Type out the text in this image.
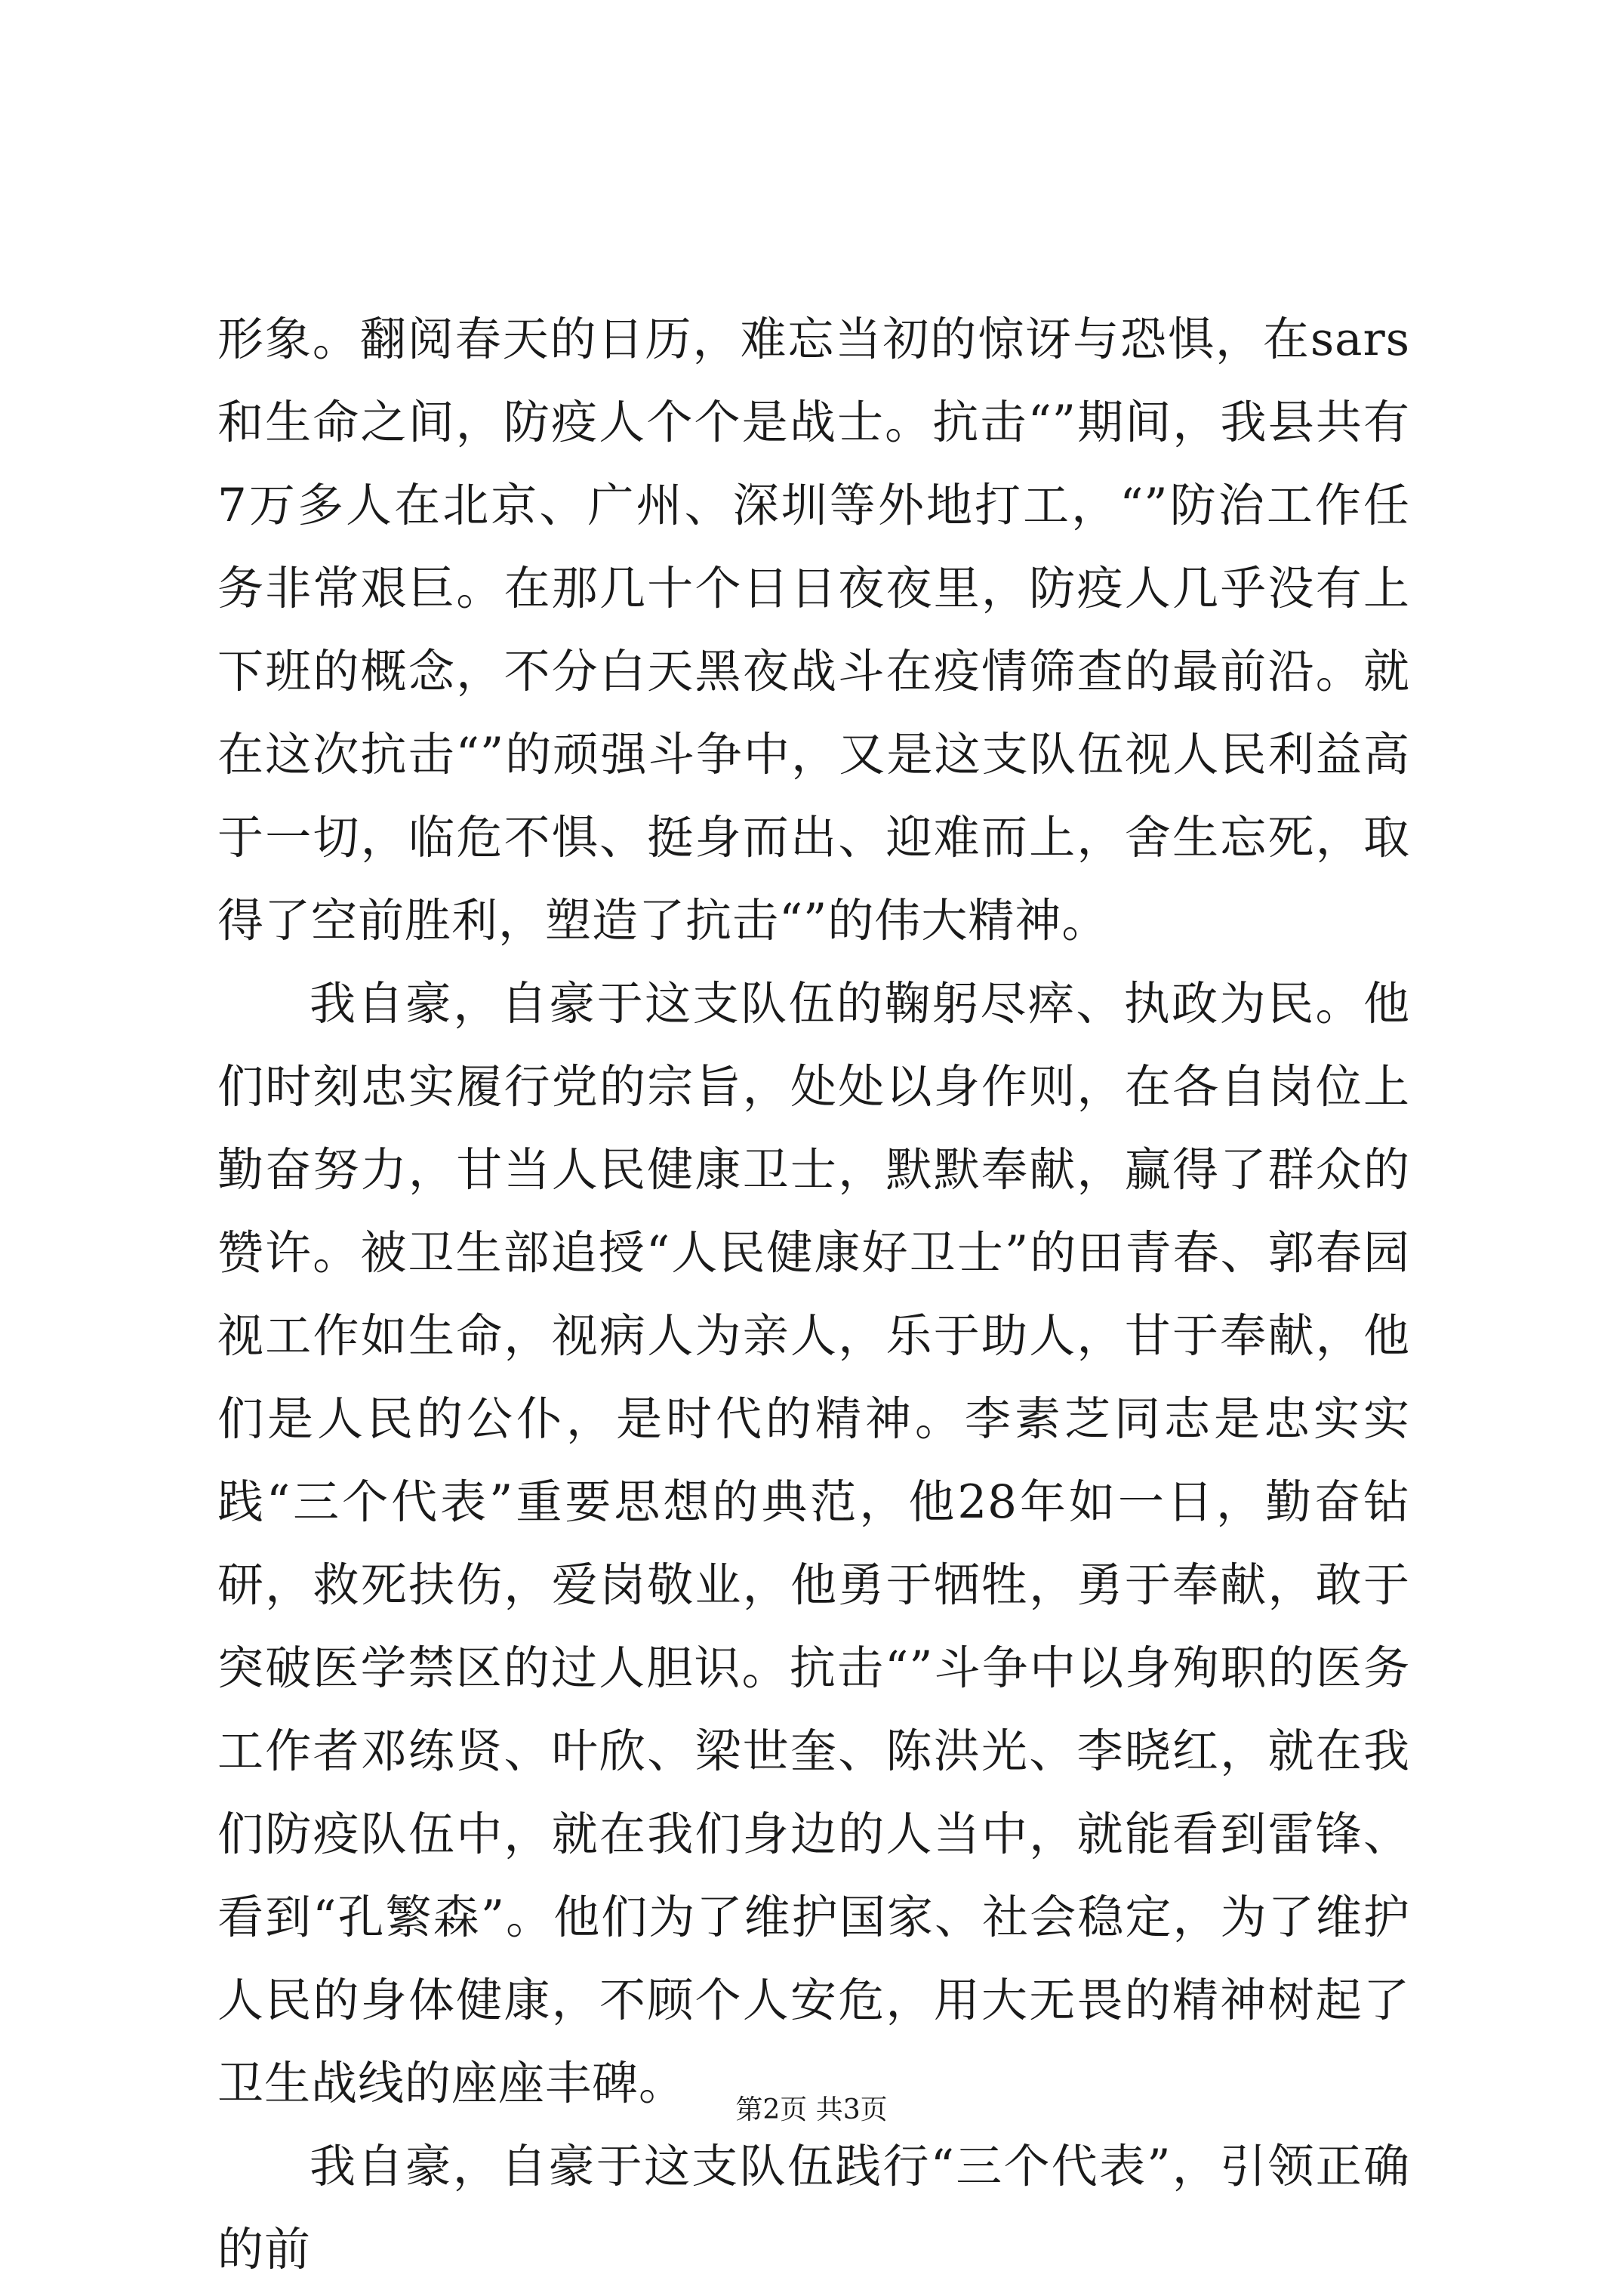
形象。翻阅春天的日历，难忘当初的惊讶与恐惧，在sars和生命之间，防疫人个个是战士。抗击“”期间，我县共有7万多人在北京、广州、深圳等外地打工，“”防治工作任务非常艰巨。在那几十个日日夜夜里，防疫人几乎没有上下班的概念，不分白天黑夜战斗在疫情筛查的最前沿。就在这次抗击“”的顽强斗争中，又是这支队伍视人民利益高于一切，临危不惧、挺身而出、迎难而上，舍生忘死，取得了空前胜利，塑造了抗击“”的伟大精神。

我自豪，自豪于这支队伍的鞠躬尽瘁、执政为民。他们时刻忠实履行党的宗旨，处处以身作则，在各自岗位上勤奋努力，甘当人民健康卫士，默默奉献，赢得了群众的赞许。被卫生部追授“人民健康好卫士”的田青春、郭春园视工作如生命，视病人为亲人，乐于助人，甘于奉献，他们是人民的公仆，是时代的精神。李素芝同志是忠实实践“三个代表”重要思想的典范，他28年如一日，勤奋钻研，救死扶伤，爱岗敬业，他勇于牺牲，勇于奉献，敢于突破医学禁区的过人胆识。抗击“”斗争中以身殉职的医务工作者邓练贤、叶欣、梁世奎、陈洪光、李晓红，就在我们防疫队伍中，就在我们身边的人当中，就能看到雷锋、看到“孔繁森”。他们为了维护国家、社会稳定，为了维护人民的身体健康，不顾个人安危，用大无畏的精神树起了卫生战线的座座丰碑。

我自豪，自豪于这支队伍践行“三个代表”，引领正确的前

第2页 共3页
